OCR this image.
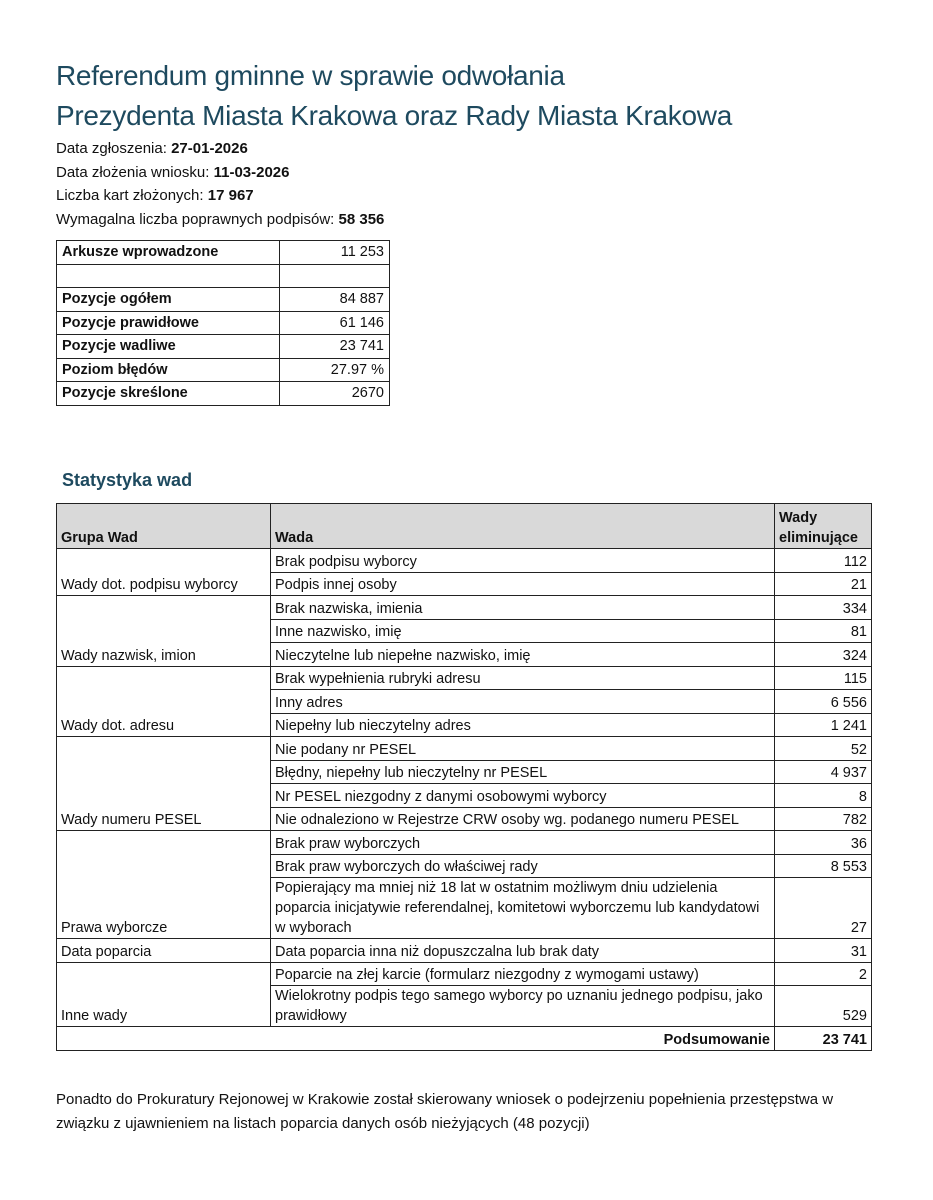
Referendum gminne w sprawie odwołania
Prezydenta Miasta Krakowa oraz Rady Miasta Krakowa
Data zgłoszenia: 27-01-2026
Data złożenia wniosku: 11-03-2026
Liczba kart złożonych: 17 967
Wymagalna liczba poprawnych podpisów: 58 356
Arkusze wprowadzone	11 253

Pozycje ogółem	84 887
Pozycje prawidłowe	61 146
Pozycje wadliwe	23 741
Poziom błędów	27.97 %
Pozycje skreślone	2670
Statystyka wad
Grupa Wad	Wada	Wady eliminujące
Wady dot. podpisu wyborcy	Brak podpisu wyborcy	112
	Podpis innej osoby	21
Wady nazwisk, imion	Brak nazwiska, imienia	334
	Inne nazwisko, imię	81
	Nieczytelne lub niepełne nazwisko, imię	324
Wady dot. adresu	Brak wypełnienia rubryki adresu	115
	Inny adres	6 556
	Niepełny lub nieczytelny adres	1 241
Wady numeru PESEL	Nie podany nr PESEL	52
	Błędny, niepełny lub nieczytelny nr PESEL	4 937
	Nr PESEL niezgodny z danymi osobowymi wyborcy	8
	Nie odnaleziono w Rejestrze CRW osoby wg. podanego numeru PESEL	782
Prawa wyborcze	Brak praw wyborczych	36
	Brak praw wyborczych do właściwej rady	8 553
	Popierający ma mniej niż 18 lat w ostatnim możliwym dniu udzielenia poparcia inicjatywie referendalnej, komitetowi wyborczemu lub kandydatowi w wyborach	27
Data poparcia	Data poparcia inna niż dopuszczalna lub brak daty	31
Inne wady	Poparcie na złej karcie (formularz niezgodny z wymogami ustawy)	2
	Wielokrotny podpis tego samego wyborcy po uznaniu jednego podpisu, jako prawidłowy	529
Podsumowanie		23 741
Ponadto do Prokuratury Rejonowej w Krakowie został skierowany wniosek o podejrzeniu popełnienia przestępstwa w związku z ujawnieniem na listach poparcia danych osób nieżyjących (48 pozycji)
